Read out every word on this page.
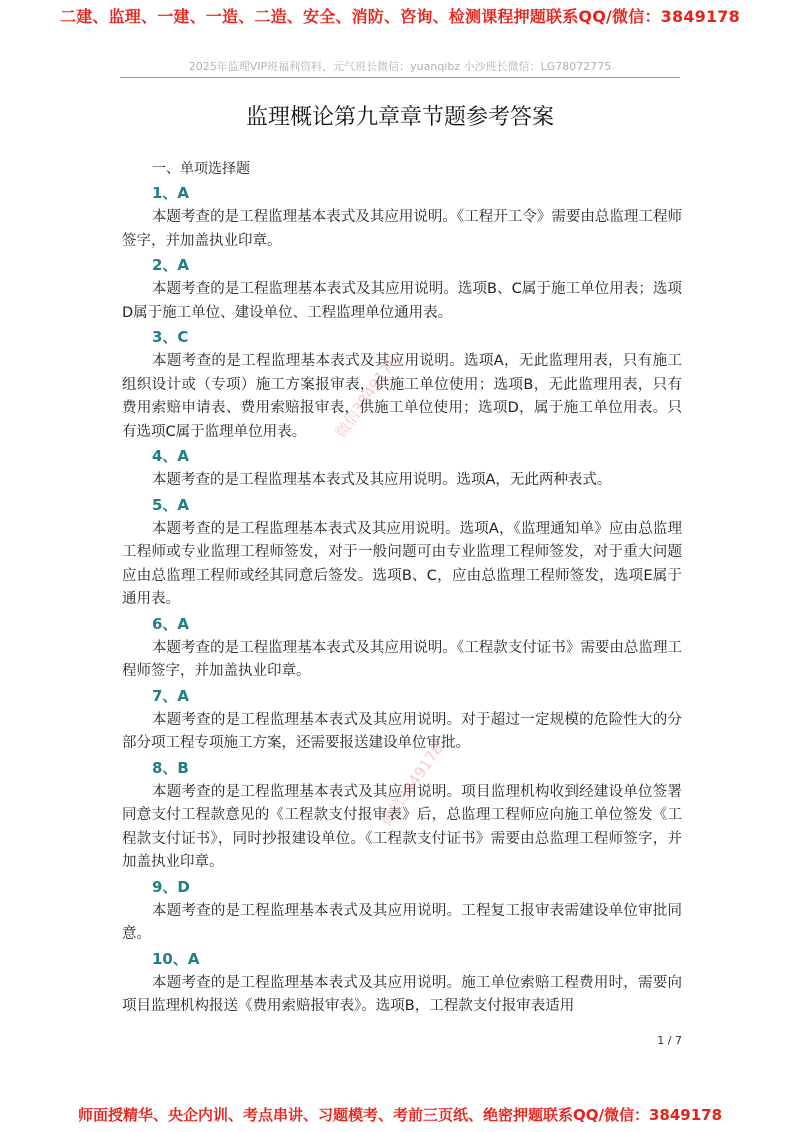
二建、监理、一建、一造、二造、安全、消防、咨询、检测课程押题联系QQ/微信：3849178
2025年监理VIP班福利资料，元气班长微信：yuanqibz 小沙班长微信：LG78072775
监理概论第九章章节题参考答案
一、单项选择题
1、A

本题考查的是工程监理基本表式及其应用说明。《工程开工令》需要由总监理工程师签字，并加盖执业印章。

2、A

本题考查的是工程监理基本表式及其应用说明。选项B、C属于施工单位用表；选项D属于施工单位、建设单位、工程监理单位通用表。

3、C

本题考查的是工程监理基本表式及其应用说明。选项A，无此监理用表，只有施工组织设计或（专项）施工方案报审表，供施工单位使用；选项B，无此监理用表，只有费用索赔申请表、费用索赔报审表，供施工单位使用；选项D，属于施工单位用表。只有选项C属于监理单位用表。

4、A

本题考查的是工程监理基本表式及其应用说明。选项A，无此两种表式。

5、A

本题考查的是工程监理基本表式及其应用说明。选项A，《监理通知单》应由总监理工程师或专业监理工程师签发，对于一般问题可由专业监理工程师签发，对于重大问题应由总监理工程师或经其同意后签发。选项B、C，应由总监理工程师签发，选项E属于通用表。

6、A

本题考查的是工程监理基本表式及其应用说明。《工程款支付证书》需要由总监理工程师签字，并加盖执业印章。

7、A

本题考查的是工程监理基本表式及其应用说明。对于超过一定规模的危险性大的分部分项工程专项施工方案，还需要报送建设单位审批。

8、B

本题考查的是工程监理基本表式及其应用说明。项目监理机构收到经建设单位签署同意支付工程款意见的《工程款支付报审表》后，总监理工程师应向施工单位签发《工程款支付证书》，同时抄报建设单位。《工程款支付证书》需要由总监理工程师签字，并加盖执业印章。

9、D

本题考查的是工程监理基本表式及其应用说明。工程复工报审表需建设单位审批同意。

10、A

本题考查的是工程监理基本表式及其应用说明。施工单位索赔工程费用时，需要向项目监理机构报送《费用索赔报审表》。选项B，工程款支付报审表适用

微信3849178
微信3849178
1 / 7
师面授精华、央企内训、考点串讲、习题模考、考前三页纸、绝密押题联系QQ/微信：3849178
